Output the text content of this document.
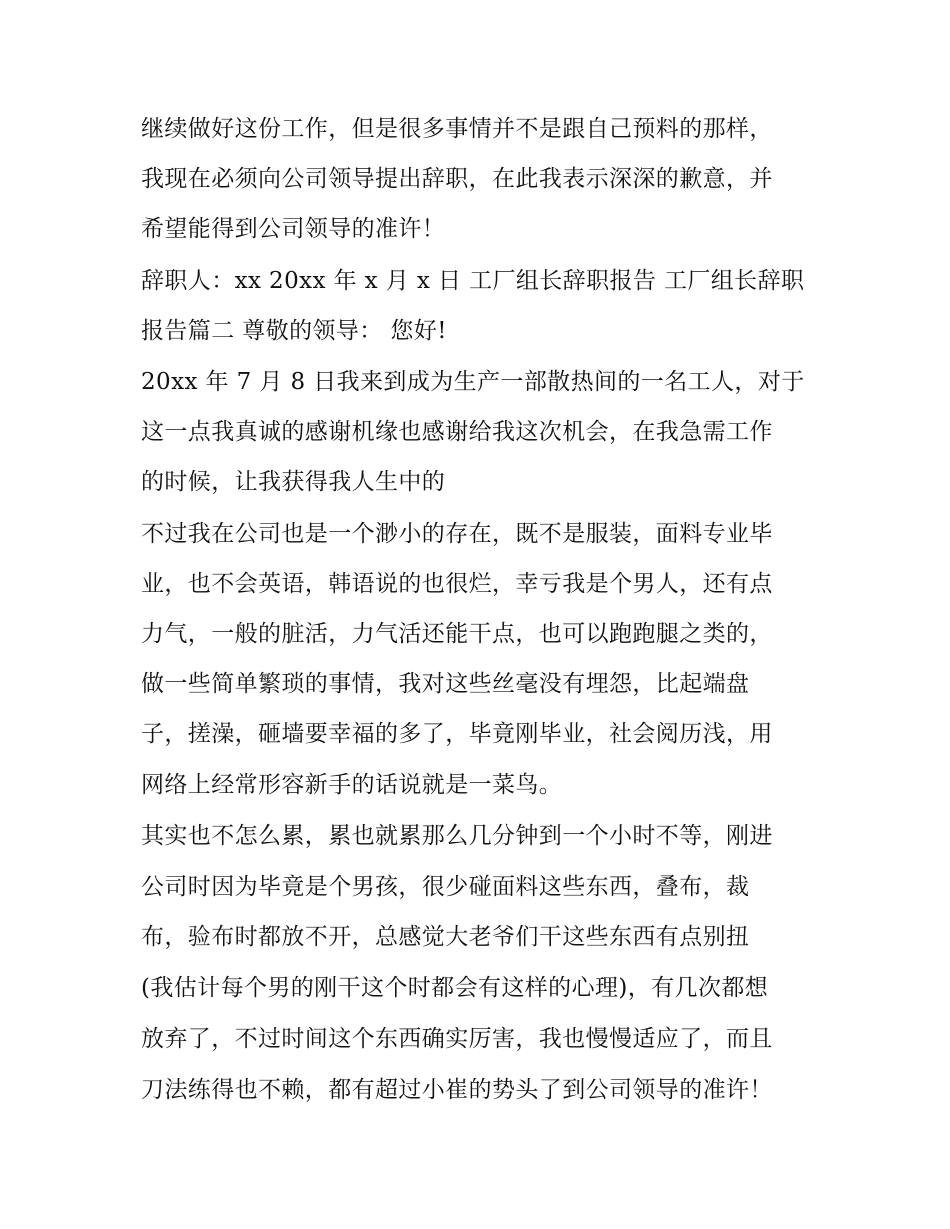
继续做好这份工作，但是很多事情并不是跟自己预料的那样，
我现在必须向公司领导提出辞职，在此我表示深深的歉意，并
希望能得到公司领导的准许！
辞职人：xx 20xx 年 x 月 x 日 工厂组长辞职报告 工厂组长辞职
报告篇二 尊敬的领导： 您好!
20xx 年 7 月 8 日我来到成为生产一部散热间的一名工人，对于
这一点我真诚的感谢机缘也感谢给我这次机会，在我急需工作
的时候，让我获得我人生中的
不过我在公司也是一个渺小的存在，既不是服装，面料专业毕
业，也不会英语，韩语说的也很烂，幸亏我是个男人，还有点
力气，一般的脏活，力气活还能干点，也可以跑跑腿之类的，
做一些简单繁琐的事情，我对这些丝毫没有埋怨，比起端盘
子，搓澡，砸墙要幸福的多了，毕竟刚毕业，社会阅历浅，用
网络上经常形容新手的话说就是一菜鸟。
其实也不怎么累，累也就累那么几分钟到一个小时不等，刚进
公司时因为毕竟是个男孩，很少碰面料这些东西，叠布，裁
布，验布时都放不开，总感觉大老爷们干这些东西有点别扭
(我估计每个男的刚干这个时都会有这样的心理)，有几次都想
放弃了，不过时间这个东西确实厉害，我也慢慢适应了，而且
刀法练得也不赖，都有超过小崔的势头了到公司领导的准许！
